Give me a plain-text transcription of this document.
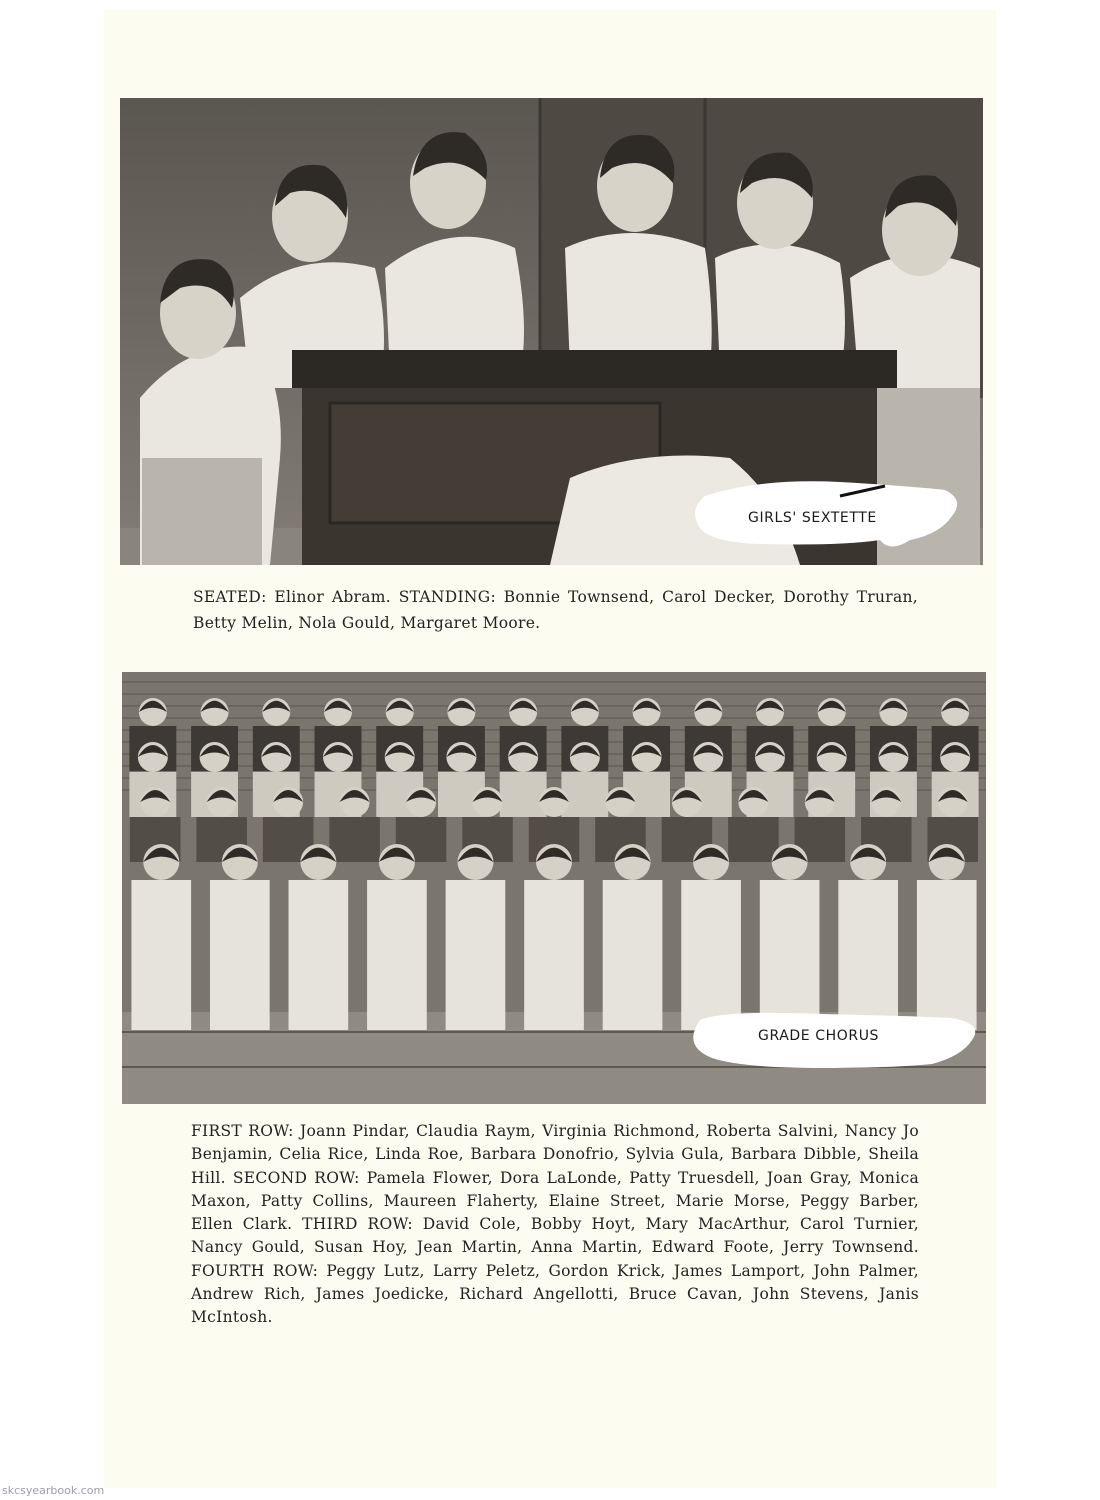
GIRLS' SEXTETTE
SEATED: Elinor Abram. STANDING: Bonnie Townsend, Carol Decker, Dorothy Truran, Betty Melin, Nola Gould, Margaret Moore.
GRADE CHORUS
FIRST ROW: Joann Pindar, Claudia Raym, Virginia Richmond, Roberta Salvini, Nancy Jo Benjamin, Celia Rice, Linda Roe, Barbara Donofrio, Sylvia Gula, Barbara Dibble, Sheila Hill. SECOND ROW: Pamela Flower, Dora LaLonde, Patty Truesdell, Joan Gray, Monica Maxon, Patty Collins, Maureen Flaherty, Elaine Street, Marie Morse, Peggy Barber, Ellen Clark. THIRD ROW: David Cole, Bobby Hoyt, Mary MacArthur, Carol Turnier, Nancy Gould, Susan Hoy, Jean Martin, Anna Martin, Edward Foote, Jerry Townsend. FOURTH ROW: Peggy Lutz, Larry Peletz, Gordon Krick, James Lamport, John Palmer, Andrew Rich, James Joedicke, Richard Angellotti, Bruce Cavan, John Stevens, Janis McIntosh.
skcsyearbook.com
